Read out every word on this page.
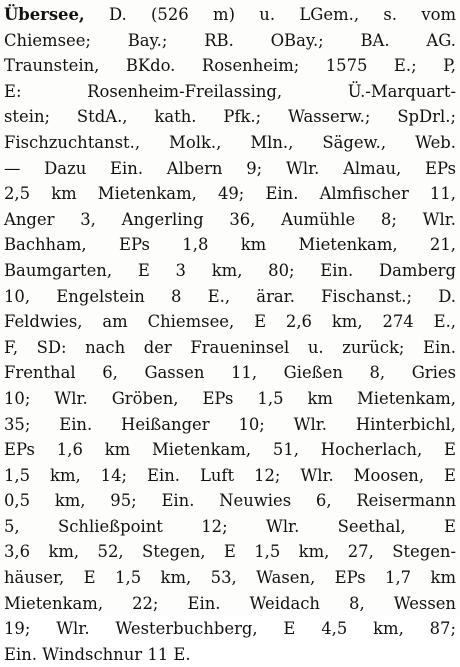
Übersee, D. (526 m) u. LGem., s. vom
Chiemsee; Bay.; RB. OBay.; BA. AG.
Traunstein, BKdo. Rosenheim; 1575 E.; P,
E: Rosenheim-Freilassing, Ü.-Marquart-
stein; StdA., kath. Pfk.; Wasserw.; SpDrl.;
Fischzuchtanst., Molk., Mln., Sägew., Web.
— Dazu Ein. Albern 9; Wlr. Almau, EPs
2,5 km Mietenkam, 49; Ein. Almfischer 11,
Anger 3, Angerling 36, Aumühle 8; Wlr.
Bachham, EPs 1,8 km Mietenkam, 21,
Baumgarten, E 3 km, 80; Ein. Damberg
10, Engelstein 8 E., ärar. Fischanst.; D.
Feldwies, am Chiemsee, E 2,6 km, 274 E.,
F, SD: nach der Fraueninsel u. zurück; Ein.
Frenthal 6, Gassen 11, Gießen 8, Gries
10; Wlr. Gröben, EPs 1,5 km Mietenkam,
35; Ein. Heißanger 10; Wlr. Hinterbichl,
EPs 1,6 km Mietenkam, 51, Hocherlach, E
1,5 km, 14; Ein. Luft 12; Wlr. Moosen, E
0,5 km, 95; Ein. Neuwies 6, Reisermann
5, Schließpoint 12; Wlr. Seethal, E
3,6 km, 52, Stegen, E 1,5 km, 27, Stegen-
häuser, E 1,5 km, 53, Wasen, EPs 1,7 km
Mietenkam, 22; Ein. Weidach 8, Wessen
19; Wlr. Westerbuchberg, E 4,5 km, 87;
Ein. Windschnur 11 E.
